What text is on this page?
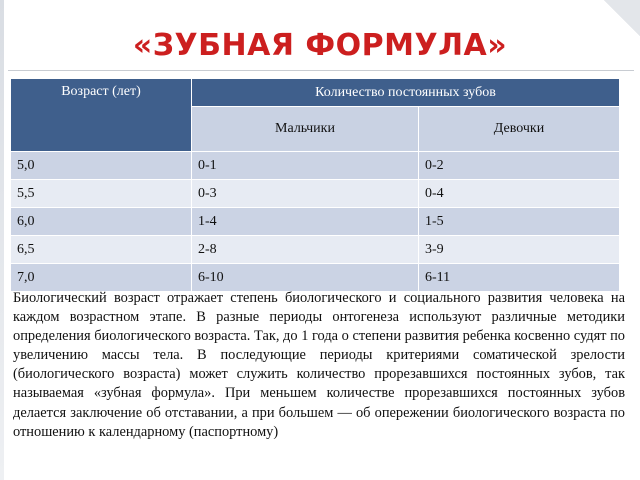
«ЗУБНАЯ ФОРМУЛА»
Возраст (лет)	Количество постоянных зубов	
	Мальчики	Девочки
5,0	0-1	0-2
5,5	0-3	0-4
6,0	1-4	1-5
6,5	2-8	3-9
7,0	6-10	6-11

Биологический возраст отражает степень биологического и социального развития человека на каждом возрастном этапе. В разные периоды онтогенеза используют различные методики определения биологического возраста. Так, до 1 года о степени развития ребенка косвенно судят по увеличению массы тела. В последующие периоды критериями соматической зрелости (биологического возраста) может служить количество прорезавшихся постоянных зубов, так называемая «зубная формула». При меньшем количестве прорезавшихся постоянных зубов делается заключение об отставании, а при большем — об опережении биологического возраста по отношению к календарному (паспортному)
